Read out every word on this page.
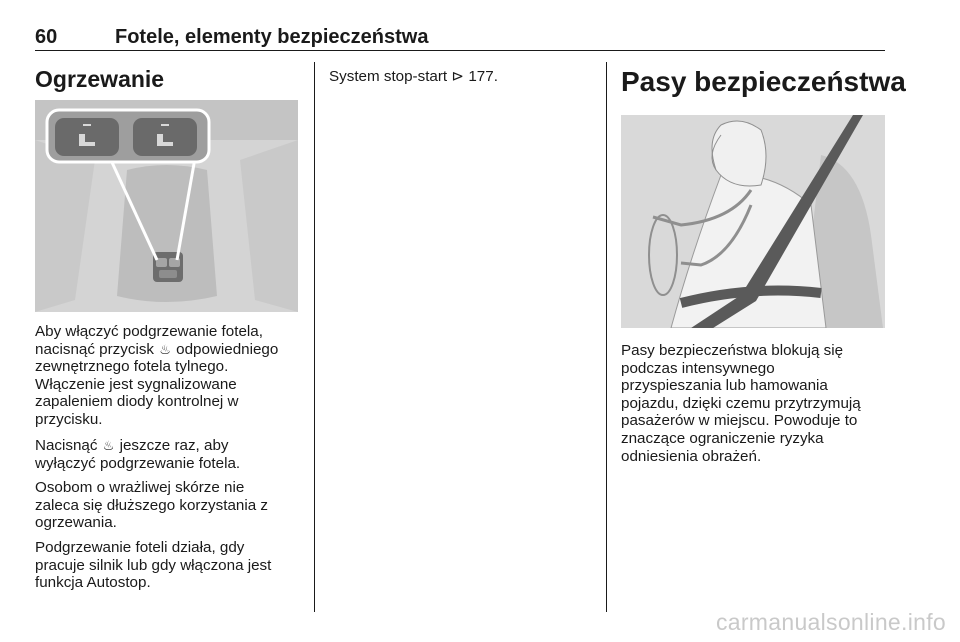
60	Fotele, elementy bezpieczeństwa
Ogrzewanie
Aby włączyć podgrzewanie fotela,
nacisnąć przycisk ♨ odpowiedniego
zewnętrznego fotela tylnego.
Włączenie jest sygnalizowane
zapaleniem diody kontrolnej w
przycisku.
Nacisnąć ♨ jeszcze raz, aby
wyłączyć podgrzewanie fotela.
Osobom o wrażliwej skórze nie
zaleca się dłuższego korzystania z
ogrzewania.
Podgrzewanie foteli działa, gdy
pracuje silnik lub gdy włączona jest
funkcja Autostop.
System stop-start ⊳ 177.	Pasy bezpieczeństwa
Pasy bezpieczeństwa blokują się
podczas intensywnego
przyspieszania lub hamowania
pojazdu, dzięki czemu przytrzymują
pasażerów w miejscu. Powoduje to
znaczące ograniczenie ryzyka
odniesienia obrażeń.
carmanualsonline.info
